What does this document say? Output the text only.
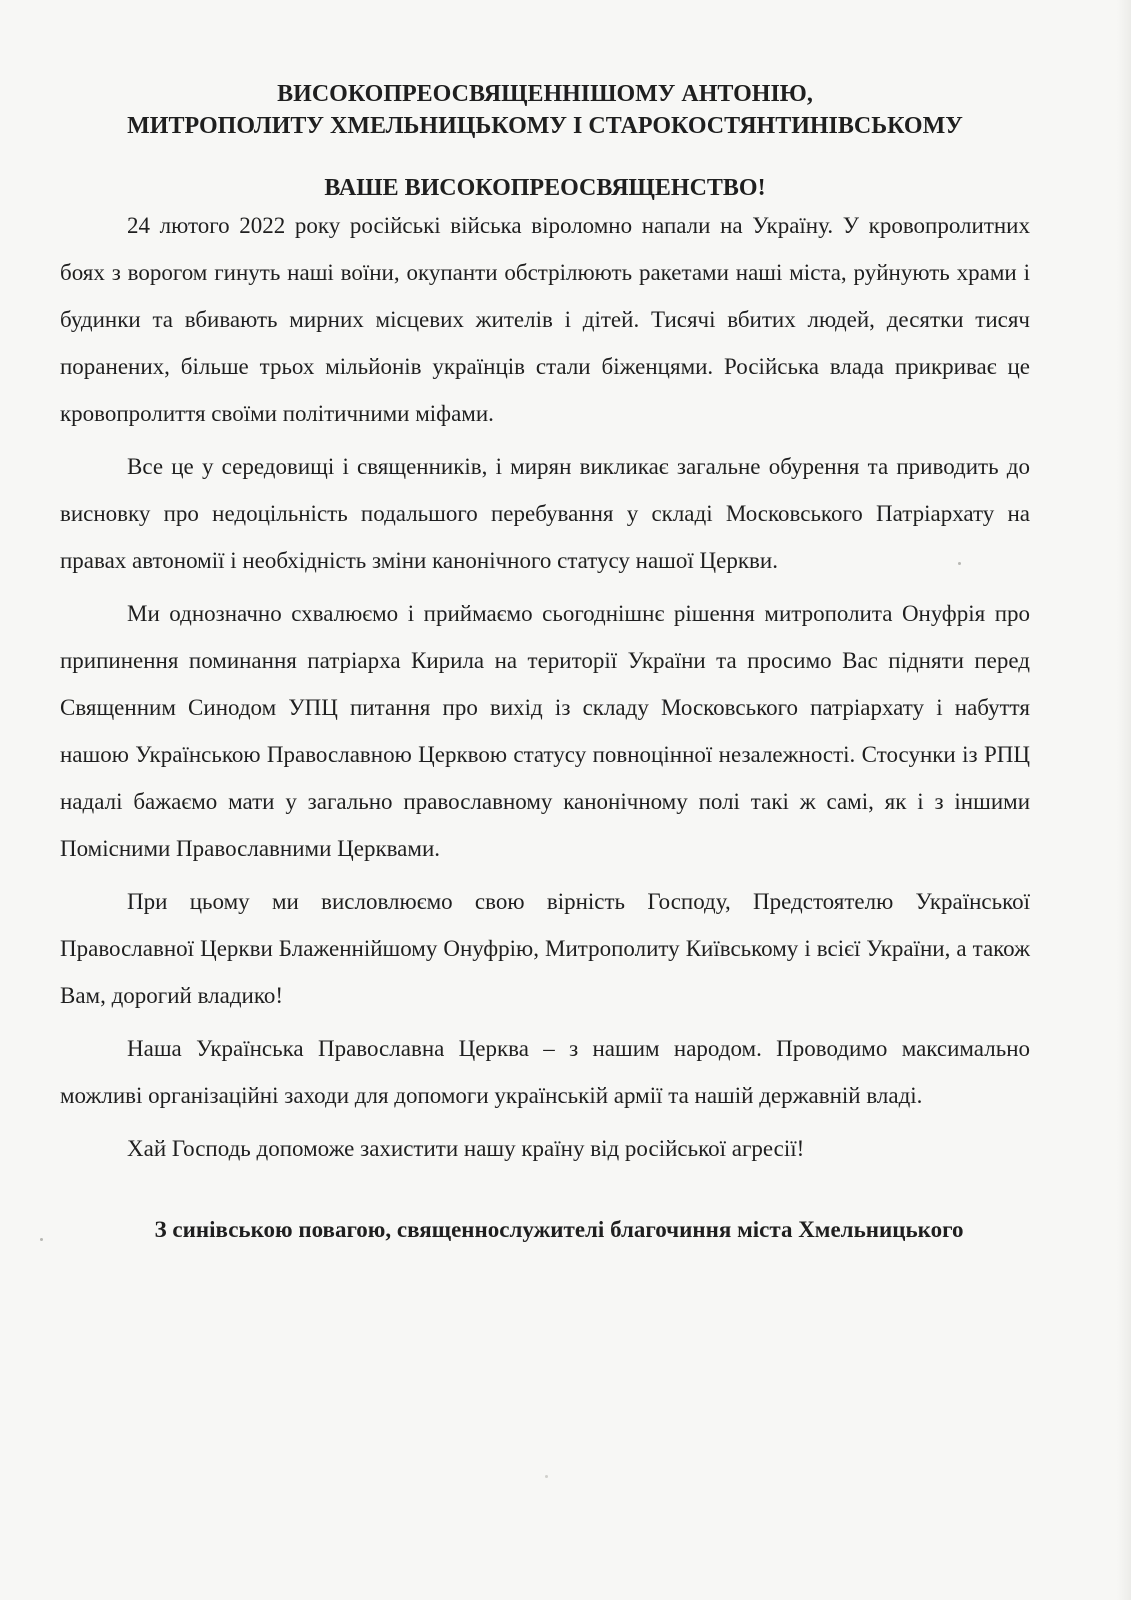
ВИСОКОПРЕОСВЯЩЕННІШОМУ АНТОНІЮ,
МИТРОПОЛИТУ ХМЕЛЬНИЦЬКОМУ І СТАРОКОСТЯНТИНІВСЬКОМУ
ВАШЕ ВИСОКОПРЕОСВЯЩЕНСТВО!

24 лютого 2022 року російські війська віроломно напали на Україну. У кровопролитних боях з ворогом гинуть наші воїни, окупанти обстрілюють ракетами наші міста, руйнують храми і будинки та вбивають мирних місцевих жителів і дітей. Тисячі вбитих людей, десятки тисяч поранених, більше трьох мільйонів українців стали біженцями. Російська влада прикриває це кровопролиття своїми політичними міфами.

Все це у середовищі і священників, і мирян викликає загальне обурення та приводить до висновку про недоцільність подальшого перебування у складі Московського Патріархату на правах автономії і необхідність зміни канонічного статусу нашої Церкви.

Ми однозначно схвалюємо і приймаємо сьогоднішнє рішення митрополита Онуфрія про припинення поминання патріарха Кирила на території України та просимо Вас підняти перед Священним Синодом УПЦ питання про вихід із складу Московського патріархату і набуття нашою Українською Православною Церквою статусу повноцінної незалежності. Стосунки із РПЦ надалі бажаємо мати у загально православному канонічному полі такі ж самі, як і з іншими Помісними Православними Церквами.

При цьому ми висловлюємо свою вірність Господу, Предстоятелю Української Православної Церкви Блаженнійшому Онуфрію, Митрополиту Київському і всієї України, а також Вам, дорогий владико!

Наша Українська Православна Церква – з нашим народом. Проводимо максимально можливі організаційні заходи для допомоги українській армії та нашій державній владі.

Хай Господь допоможе захистити нашу країну від російської агресії!

З синівською повагою, священнослужителі благочиння міста Хмельницького
